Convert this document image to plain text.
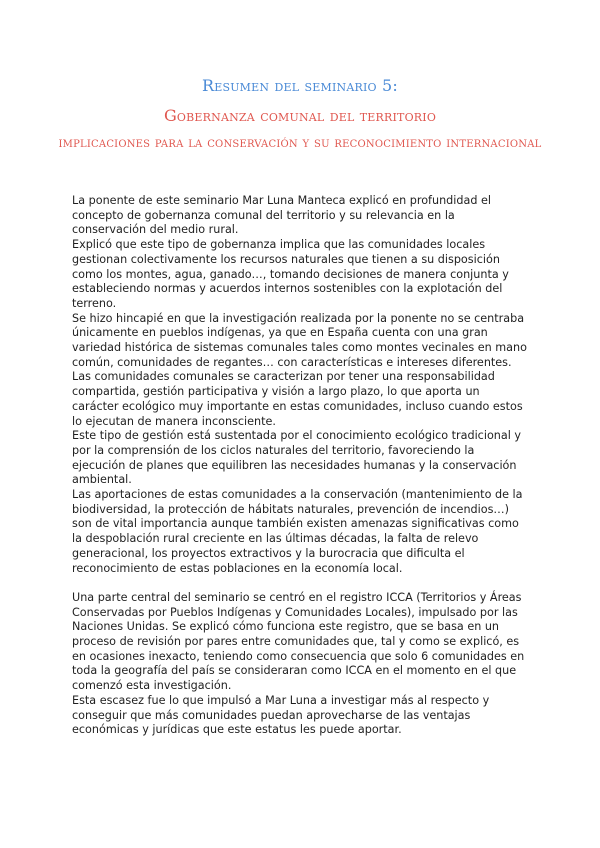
Resumen del seminario 5:
Gobernanza comunal del territorio
implicaciones para la conservación y su reconocimiento internacional

La ponente de este seminario Mar Luna Manteca explicó en profundidad el concepto de gobernanza comunal del territorio y su relevancia en la conservación del medio rural.

Explicó que este tipo de gobernanza implica que las comunidades locales gestionan colectivamente los recursos naturales que tienen a su disposición como los montes, agua, ganado…, tomando decisiones de manera conjunta y estableciendo normas y acuerdos internos sostenibles con la explotación del terreno.

Se hizo hincapié en que la investigación realizada por la ponente no se centraba únicamente en pueblos indígenas, ya que en España cuenta con una gran variedad histórica de sistemas comunales tales como montes vecinales en mano común, comunidades de regantes… con características e intereses diferentes.

Las comunidades comunales se caracterizan por tener una responsabilidad compartida, gestión participativa y visión a largo plazo, lo que aporta un carácter ecológico muy importante en estas comunidades, incluso cuando estos lo ejecutan de manera inconsciente.

Este tipo de gestión está sustentada por el conocimiento ecológico tradicional y por la comprensión de los ciclos naturales del territorio, favoreciendo la ejecución de planes que equilibren las necesidades humanas y la conservación ambiental.

Las aportaciones de estas comunidades a la conservación (mantenimiento de la biodiversidad, la protección de hábitats naturales, prevención de incendios…) son de vital importancia aunque también existen amenazas significativas como la despoblación rural creciente en las últimas décadas, la falta de relevo generacional, los proyectos extractivos y la burocracia que dificulta el reconocimiento de estas poblaciones en la economía local.

Una parte central del seminario se centró en el registro ICCA (Territorios y Áreas Conservadas por Pueblos Indígenas y Comunidades Locales), impulsado por las Naciones Unidas. Se explicó cómo funciona este registro, que se basa en un proceso de revisión por pares entre comunidades que, tal y como se explicó, es en ocasiones inexacto, teniendo como consecuencia que solo 6 comunidades en toda la geografía del país se consideraran como ICCA en el momento en el que comenzó esta investigación.

Esta escasez fue lo que impulsó a Mar Luna a investigar más al respecto y conseguir que más comunidades puedan aprovecharse de las ventajas económicas y jurídicas que este estatus les puede aportar.
